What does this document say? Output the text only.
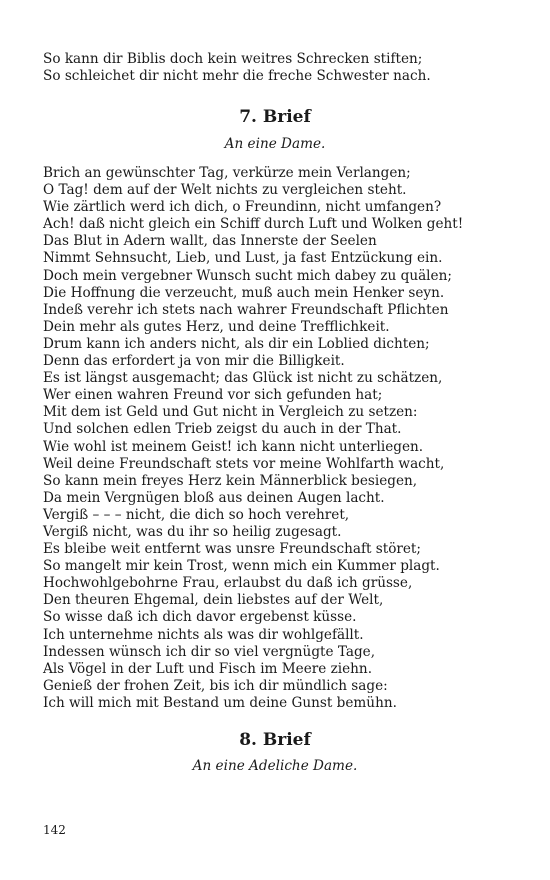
So kann dir Biblis doch kein weitres Schrecken stiften;
So schleichet dir nicht mehr die freche Schwester nach.
7. Brief
An eine Dame.
Brich an gewünschter Tag, verkürze mein Verlangen;
O Tag! dem auf der Welt nichts zu vergleichen steht.
Wie zärtlich werd ich dich, o Freundinn, nicht umfangen?
Ach! daß nicht gleich ein Schiff durch Luft und Wolken geht!
Das Blut in Adern wallt, das Innerste der Seelen
Nimmt Sehnsucht, Lieb, und Lust, ja fast Entzückung ein.
Doch mein vergebner Wunsch sucht mich dabey zu quälen;
Die Hoffnung die verzeucht, muß auch mein Henker seyn.
Indeß verehr ich stets nach wahrer Freundschaft Pflichten
Dein mehr als gutes Herz, und deine Trefflichkeit.
Drum kann ich anders nicht, als dir ein Loblied dichten;
Denn das erfordert ja von mir die Billigkeit.
Es ist längst ausgemacht; das Glück ist nicht zu schätzen,
Wer einen wahren Freund vor sich gefunden hat;
Mit dem ist Geld und Gut nicht in Vergleich zu setzen:
Und solchen edlen Trieb zeigst du auch in der That.
Wie wohl ist meinem Geist! ich kann nicht unterliegen.
Weil deine Freundschaft stets vor meine Wohlfarth wacht,
So kann mein freyes Herz kein Männerblick besiegen,
Da mein Vergnügen bloß aus deinen Augen lacht.
Vergiß – – – nicht, die dich so hoch verehret,
Vergiß nicht, was du ihr so heilig zugesagt.
Es bleibe weit entfernt was unsre Freundschaft störet;
So mangelt mir kein Trost, wenn mich ein Kummer plagt.
Hochwohlgebohrne Frau, erlaubst du daß ich grüsse,
Den theuren Ehgemal, dein liebstes auf der Welt,
So wisse daß ich dich davor ergebenst küsse.
Ich unternehme nichts als was dir wohlgefällt.
Indessen wünsch ich dir so viel vergnügte Tage,
Als Vögel in der Luft und Fisch im Meere ziehn.
Genieß der frohen Zeit, bis ich dir mündlich sage:
Ich will mich mit Bestand um deine Gunst bemühn.
8. Brief
An eine Adeliche Dame.
142
